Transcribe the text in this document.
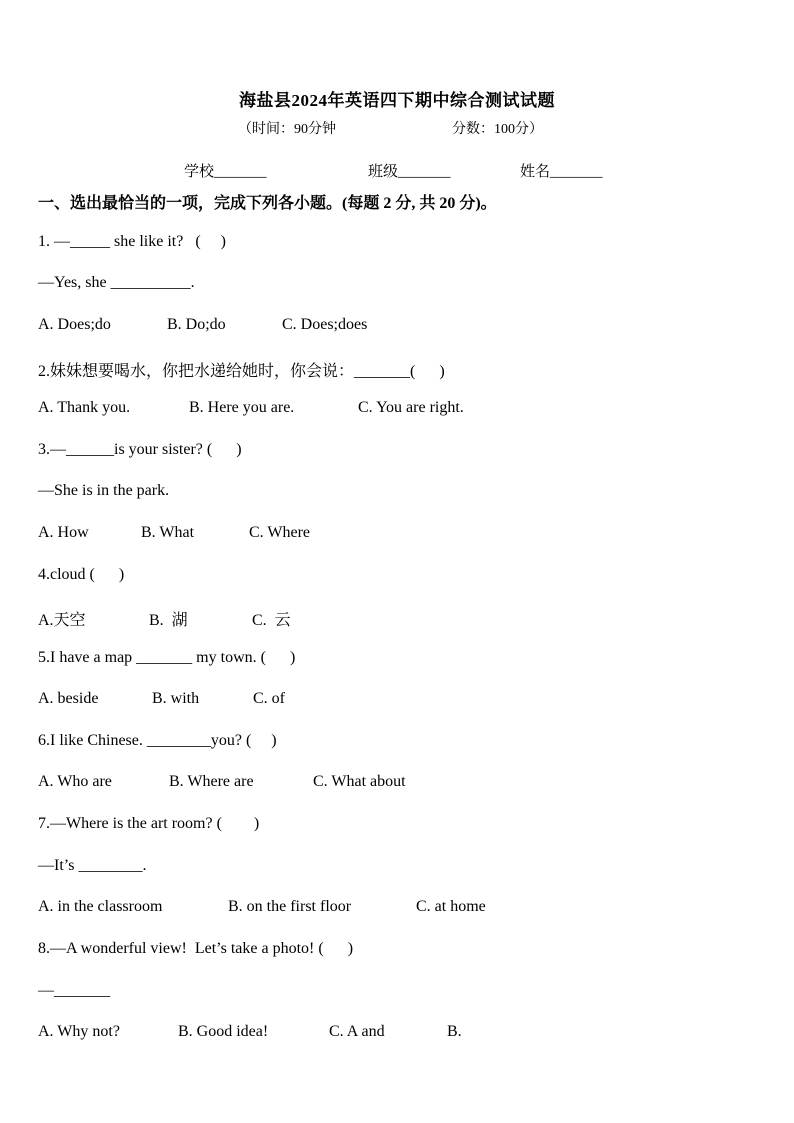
海盐县2024年英语四下期中综合测试试题
（时间：90分钟	分数：100分）
学校_______	班级_______	姓名_______
一、选出最恰当的一项，完成下列各小题。(每题 2 分, 共 20 分)。
1. —_____ she like it?   (     )
—Yes, she __________.
A. Does;do	B. Do;do	C. Does;does
2.妹妹想要喝水，你把水递给她时，你会说：_______(      )
A. Thank you.	B. Here you are.	C. You are right.
3.—______is your sister? (      )
—She is in the park.
A. How	B. What	C. Where
4.cloud (      )
A.天空	B.  湖	C.  云
5.I have a map _______ my town. (      )
A. beside	B. with	C. of
6.I like Chinese. ________you? (     )
A. Who are	B. Where are	C. What about
7.—Where is the art room? (        )
—It’s ________.
A. in the classroom	B. on the first floor	C. at home
8.—A wonderful view!  Let’s take a photo! (      )
—_______
A. Why not?	B. Good idea!	C. A and	B.
